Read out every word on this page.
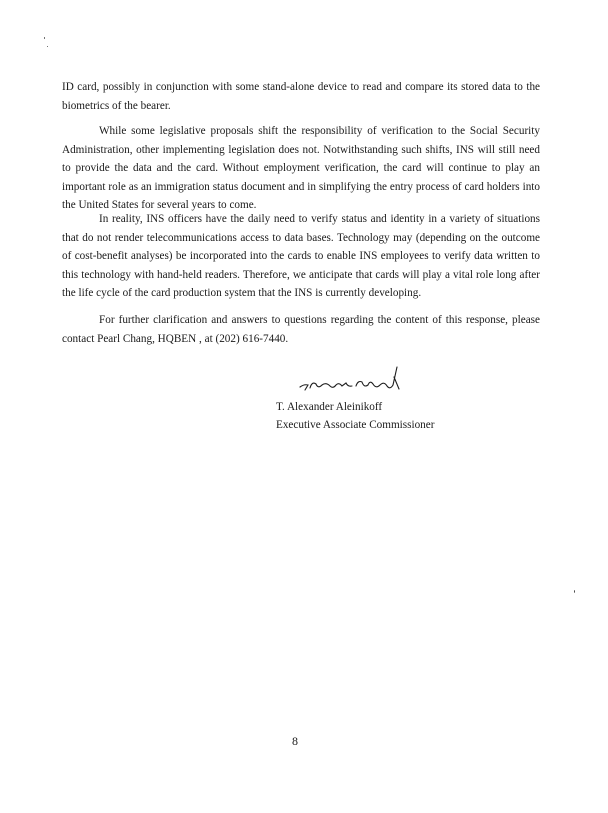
ID card, possibly in conjunction with some stand-alone device to read and compare its stored data to the biometrics of the bearer.

While some legislative proposals shift the responsibility of verification to the Social Security Administration, other implementing legislation does not. Notwithstanding such shifts, INS will still need to provide the data and the card. Without employment verification, the card will continue to play an important role as an immigration status document and in simplifying the entry process of card holders into the United States for several years to come.

In reality, INS officers have the daily need to verify status and identity in a variety of situations that do not render telecommunications access to data bases. Technology may (depending on the outcome of cost-benefit analyses) be incorporated into the cards to enable INS employees to verify data written to this technology with hand-held readers. Therefore, we anticipate that cards will play a vital role long after the life cycle of the card production system that the INS is currently developing.

For further clarification and answers to questions regarding the content of this response, please contact Pearl Chang, HQBEN , at (202) 616-7440.

T. Alexander Aleinikoff
Executive Associate Commissioner
8
